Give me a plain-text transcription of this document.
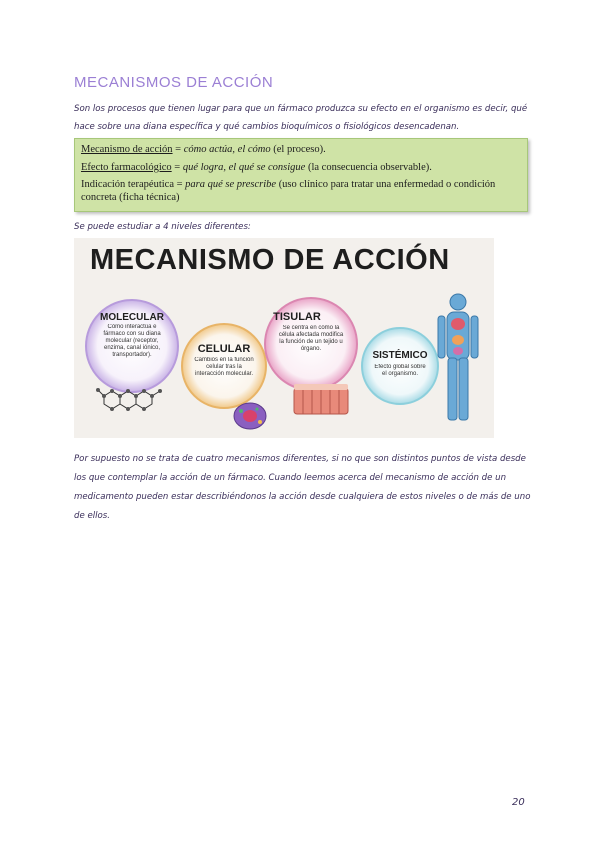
MECANISMOS DE ACCIÓN
Son los procesos que tienen lugar para que un fármaco produzca su efecto en el organismo es decir, qué hace sobre una diana específica y qué cambios bioquímicos o fisiológicos desencadenan.
Mecanismo de acción = cómo actúa, el cómo (el proceso).
Efecto farmacológico = qué logra, el qué se consigue (la consecuencia observable).
Indicación terapéutica = para qué se prescribe (uso clínico para tratar una enfermedad o condición concreta (ficha técnica)
Se puede estudiar a 4 niveles diferentes:
MECANISMO DE ACCIÓN
MOLECULAR
Cómo interactúa e fármaco con su diana molecular (receptor, enzima, canal iónico, transportador).	CELULAR
Cambios en la función celular tras la interacción molecular.
TISULAR
Se centra en cómo la célula afectada modifica la función de un tejido u órgano.
SISTÉMICO
Efecto global sobre el organismo.
Por supuesto no se trata de cuatro mecanismos diferentes, si no que son distintos puntos de vista desde los que contemplar la acción de un fármaco. Cuando leemos acerca del mecanismo de acción de un medicamento pueden estar describiéndonos la acción desde cualquiera de estos niveles o de más de uno de ellos.
20
